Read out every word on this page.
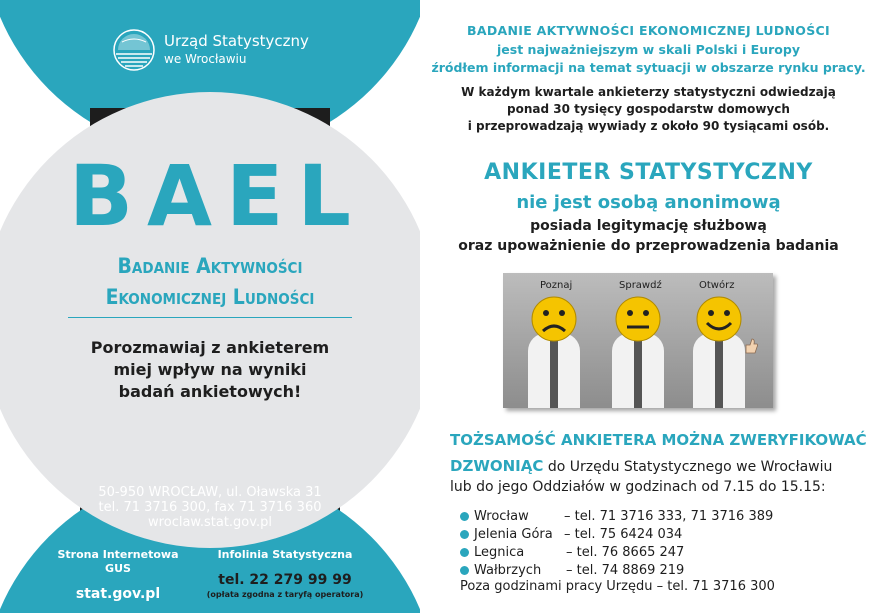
Urząd Statystyczny
we Wrocławiu
BAEL
Badanie Aktywności
Ekonomicznej Ludności
Porozmawiaj z ankieterem
miej wpływ na wyniki
badań ankietowych!
50-950 WROCŁAW, ul. Oławska 31
tel. 71 3716 300, fax 71 3716 360
wroclaw.stat.gov.pl
Strona Internetowa GUS
stat.gov.pl
Infolinia Statystyczna
tel. 22 279 99 99
(opłata zgodna z taryfą operatora)
BADANIE AKTYWNOŚCI EKONOMICZNEJ LUDNOŚCI
jest najważniejszym w skali Polski i Europy
źródłem informacji na temat sytuacji w obszarze rynku pracy.
W każdym kwartale ankieterzy statystyczni odwiedzają
ponad 30 tysięcy gospodarstw domowych
i przeprowadzają wywiady z około 90 tysiącami osób.
ANKIETER STATYSTYCZNY
nie jest osobą anonimową
posiada legitymację służbową
oraz upoważnienie do przeprowadzenia badania
Poznaj	Sprawdź	Otwórz
TOŻSAMOŚĆ ANKIETERA MOŻNA ZWERYFIKOWAĆ
DZWONIĄC do Urzędu Statystycznego we Wrocławiu
lub do jego Oddziałów w godzinach od 7.15 do 15.15:
Wrocław	– tel. 71 3716 333, 71 3716 389
Jelenia Góra – tel. 75 6424 034
Legnica	– tel. 76 8665 247
Wałbrzych – tel. 74 8869 219
Poza godzinami pracy Urzędu – tel. 71 3716 300
